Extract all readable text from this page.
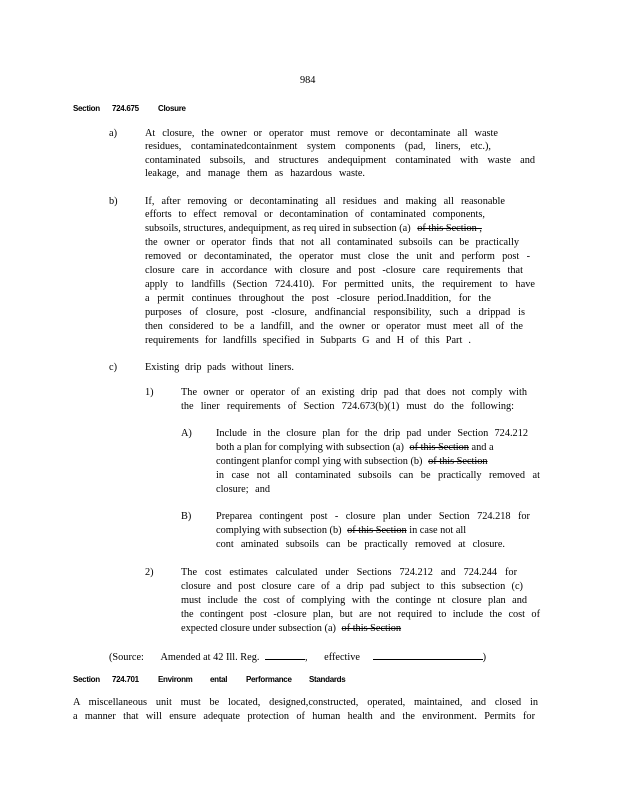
984
Section 724.675 Closure
a)	At closure, the owner or operator must remove or decontaminate all waste
residues, contaminatedcontainment system components (pad, liners, etc.),
contaminated subsoils, and structures andequipment contaminated with waste and
leakage, and manage them as hazardous waste.
b)	If, after removing or decontaminating all residues and making all reasonable
efforts to effect removal or decontamination of contaminated components,
subsoils, structures, andequipment, as req uired in subsection (a) of this Section ,
the owner or operator finds that not all contaminated subsoils can be practically
removed or decontaminated, the operator must close the unit and perform post -
closure care in accordance with closure and post -closure care requirements that
apply to landfills (Section 724.410). For permitted units, the requirement to have
a permit continues throughout the post -closure period.Inaddition, for the
purposes of closure, post -closure, andfinancial responsibility, such a drippad is
then considered to be a landfill, and the owner or operator must meet all of the
requirements for landfills specified in Subparts G and H of this Part .
c)	Existing drip pads without liners.
1)	The owner or operator of an existing drip pad that does not comply with
the liner requirements of Section 724.673(b)(1) must do the following:
A) Include in the closure plan for the drip pad under Section 724.212
both a plan for complying with subsection (a) of this Section and a
contingent planfor compl ying with subsection (b) of this Section
in case not all contaminated subsoils can be practically removed at
closure; and
B) Preparea contingent post - closure plan under Section 724.218 for
complying with subsection (b) of this Section in case not all
cont aminated subsoils can be practically removed at closure.
2)	The cost estimates calculated under Sections 724.212 and 724.244 for
closure and post closure care of a drip pad subject to this subsection (c)
must include the cost of complying with the continge nt closure plan and
the contingent post -closure plan, but are not required to include the cost of
expected closure under subsection (a) of this Section
(Source: Amended at 42 Ill. Reg.	, effective	)
Section 724.701 Environm ental Performance Standards
A miscellaneous unit must be located, designed,constructed, operated, maintained, and closed in
a manner that will ensure adequate protection of human health and the environment. Permits for
